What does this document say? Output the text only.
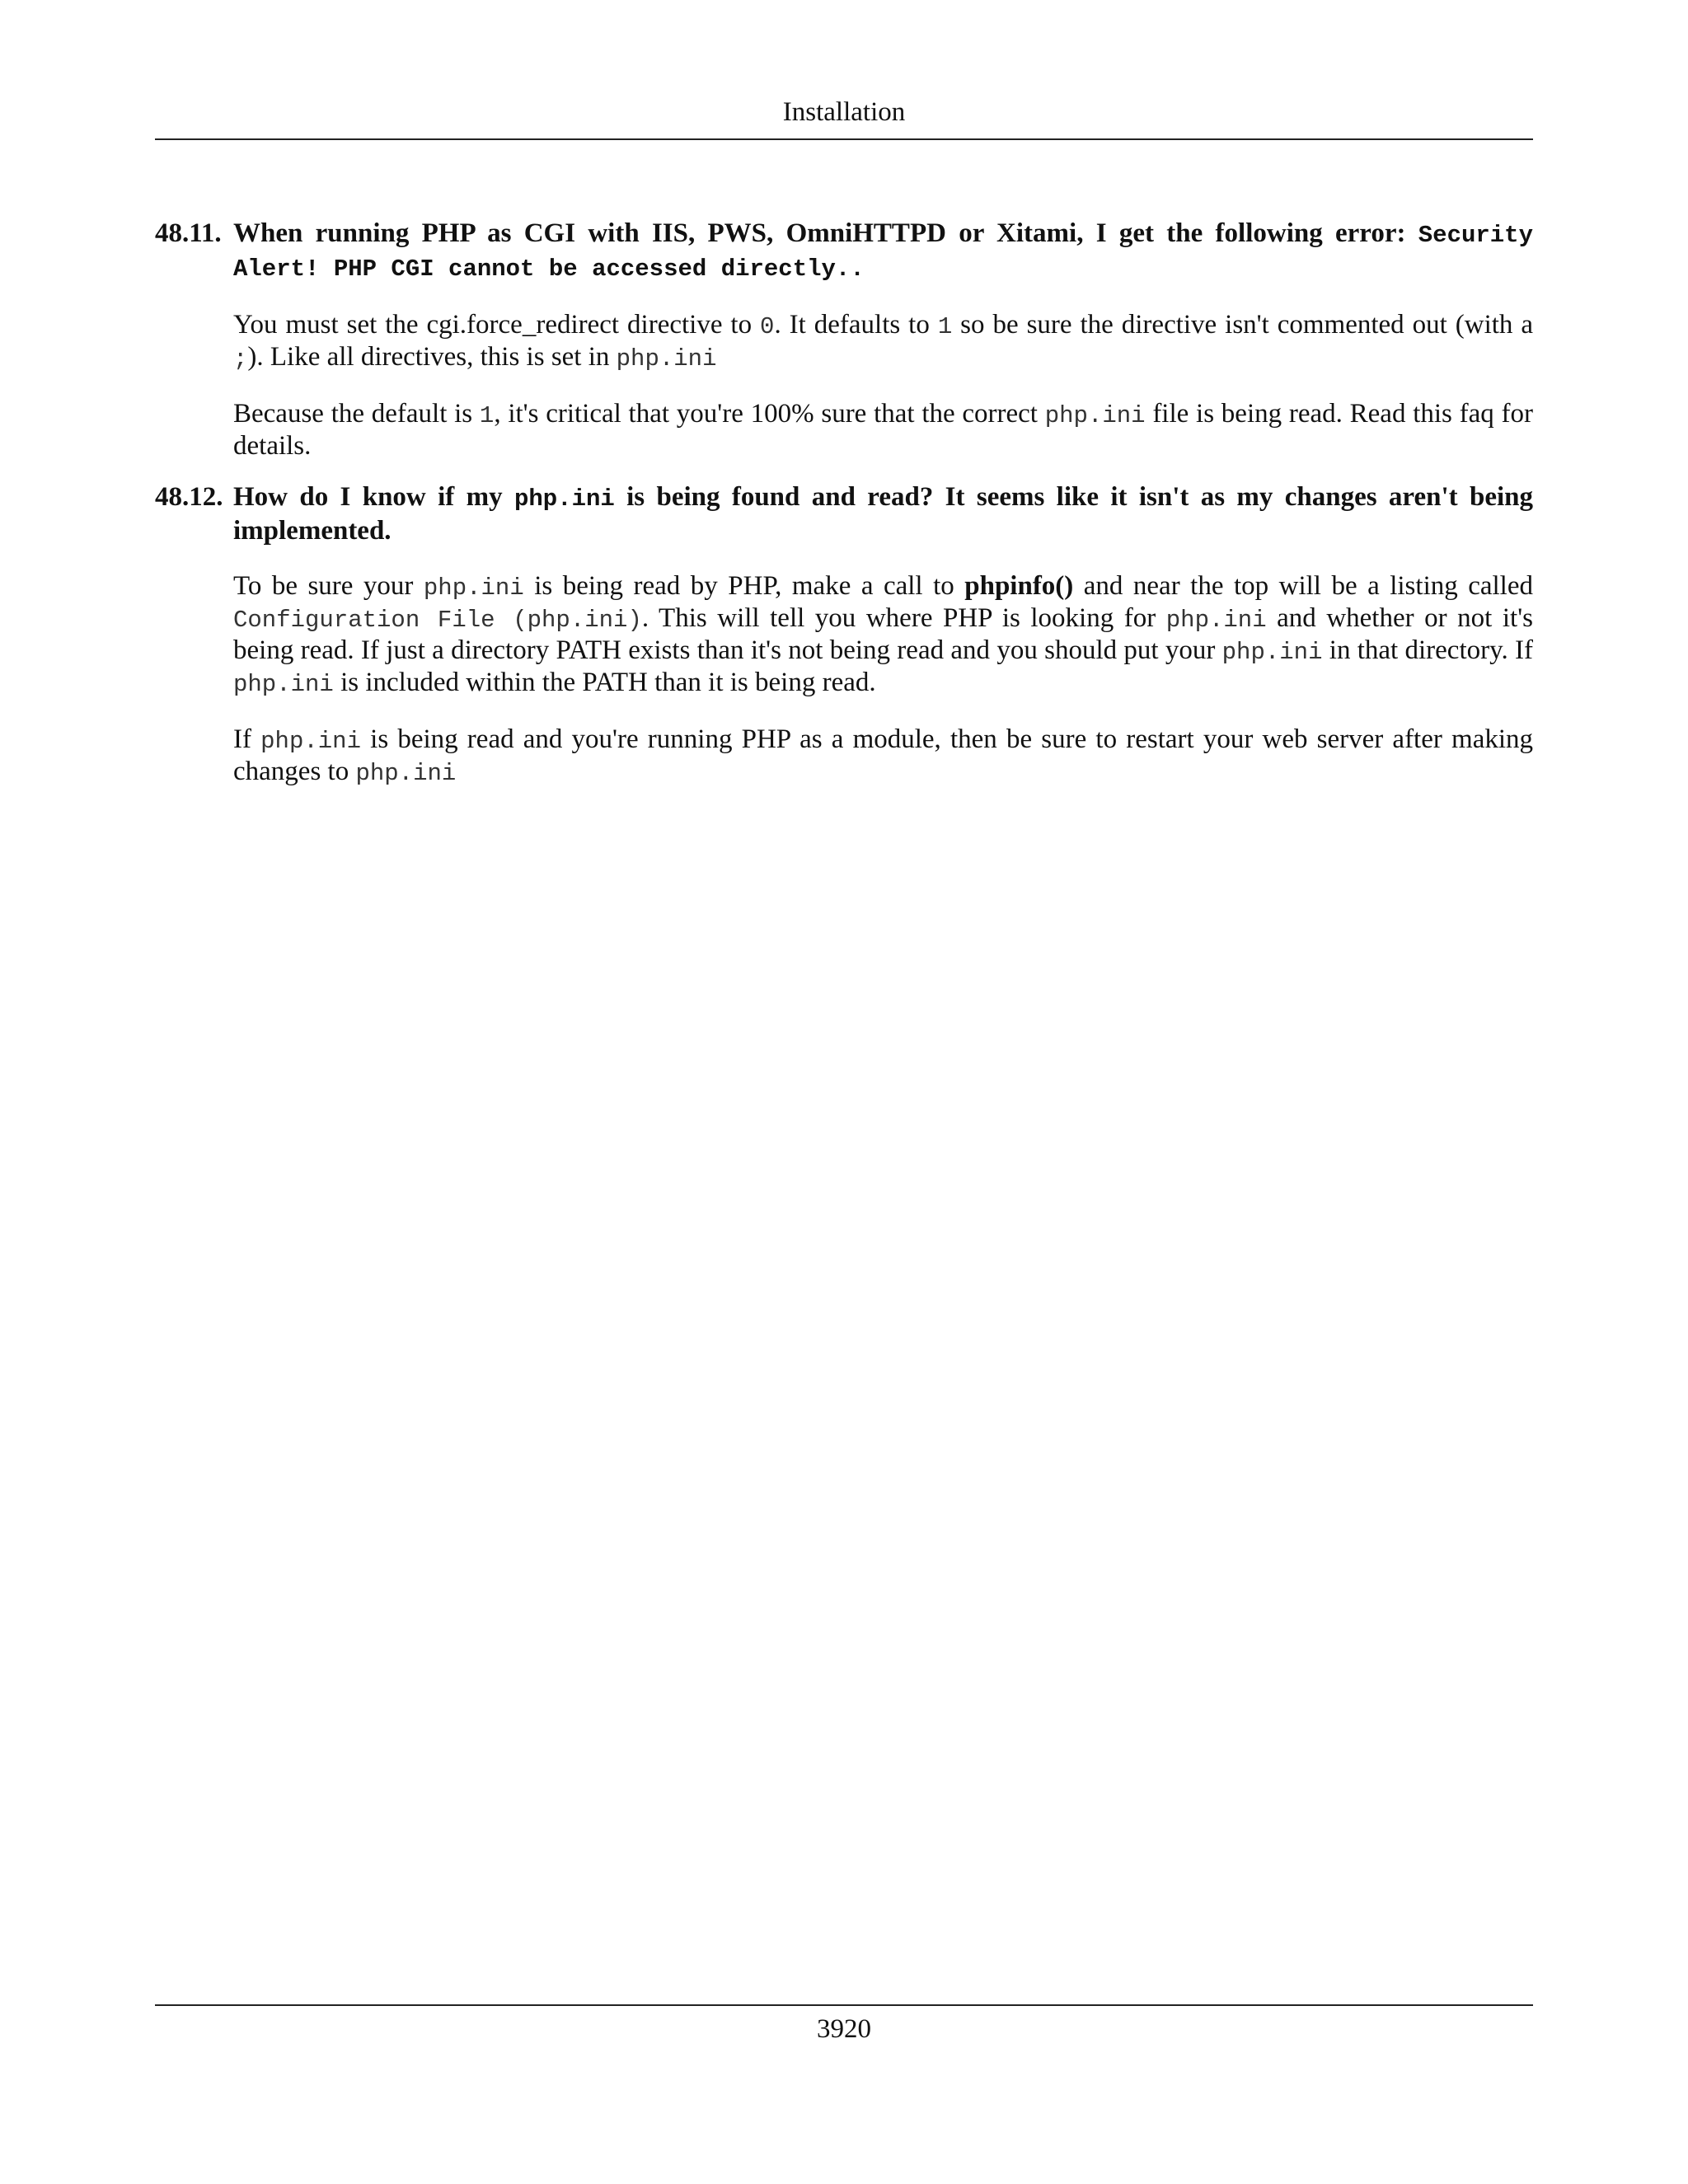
Installation
48.11. When running PHP as CGI with IIS, PWS, OmniHTTPD or Xitami, I get the following error: Security Alert! PHP CGI cannot be accessed directly..

You must set the cgi.force_redirect directive to 0. It defaults to 1 so be sure the directive isn't commented out (with a ;). Like all directives, this is set in php.ini

Because the default is 1, it's critical that you're 100% sure that the correct php.ini file is being read. Read this faq for details.

48.12. How do I know if my php.ini is being found and read? It seems like it isn't as my changes aren't being implemented.

To be sure your php.ini is being read by PHP, make a call to phpinfo() and near the top will be a listing called Configuration File (php.ini). This will tell you where PHP is looking for php.ini and whether or not it's being read. If just a directory PATH exists than it's not being read and you should put your php.ini in that directory. If php.ini is included within the PATH than it is being read.

If php.ini is being read and you're running PHP as a module, then be sure to restart your web server after making changes to php.ini

3920
